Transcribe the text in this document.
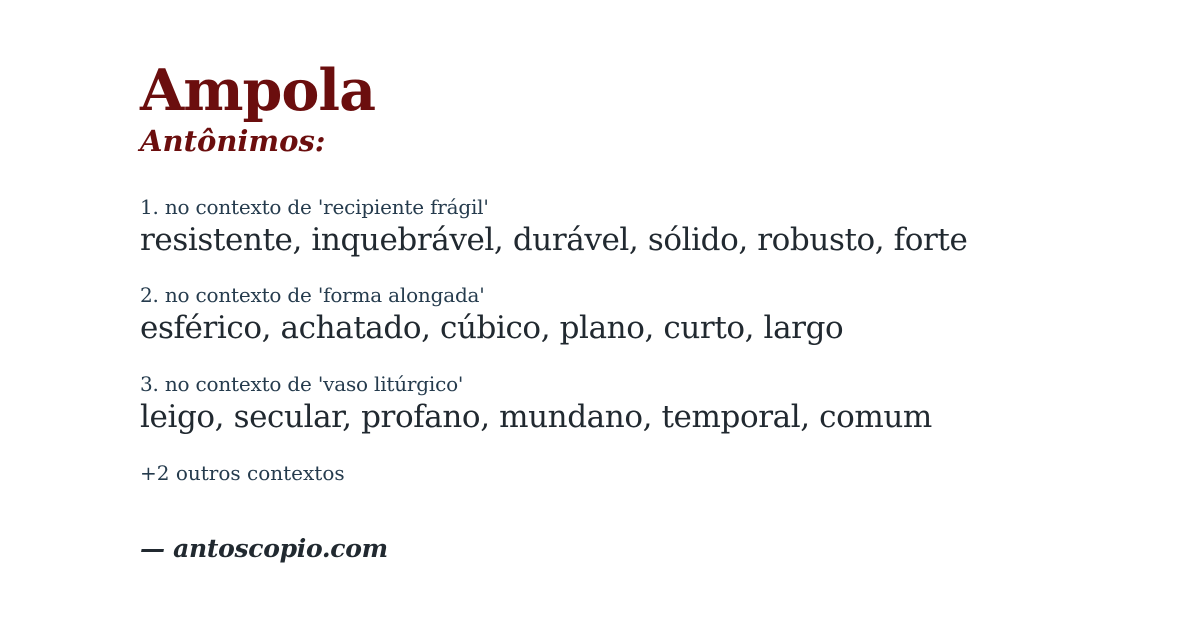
Ampola
Antônimos:
1. no contexto de 'recipiente frágil'
resistente, inquebrável, durável, sólido, robusto, forte
2. no contexto de 'forma alongada'
esférico, achatado, cúbico, plano, curto, largo
3. no contexto de 'vaso litúrgico'
leigo, secular, profano, mundano, temporal, comum
+2 outros contextos
— antoscopio.com
